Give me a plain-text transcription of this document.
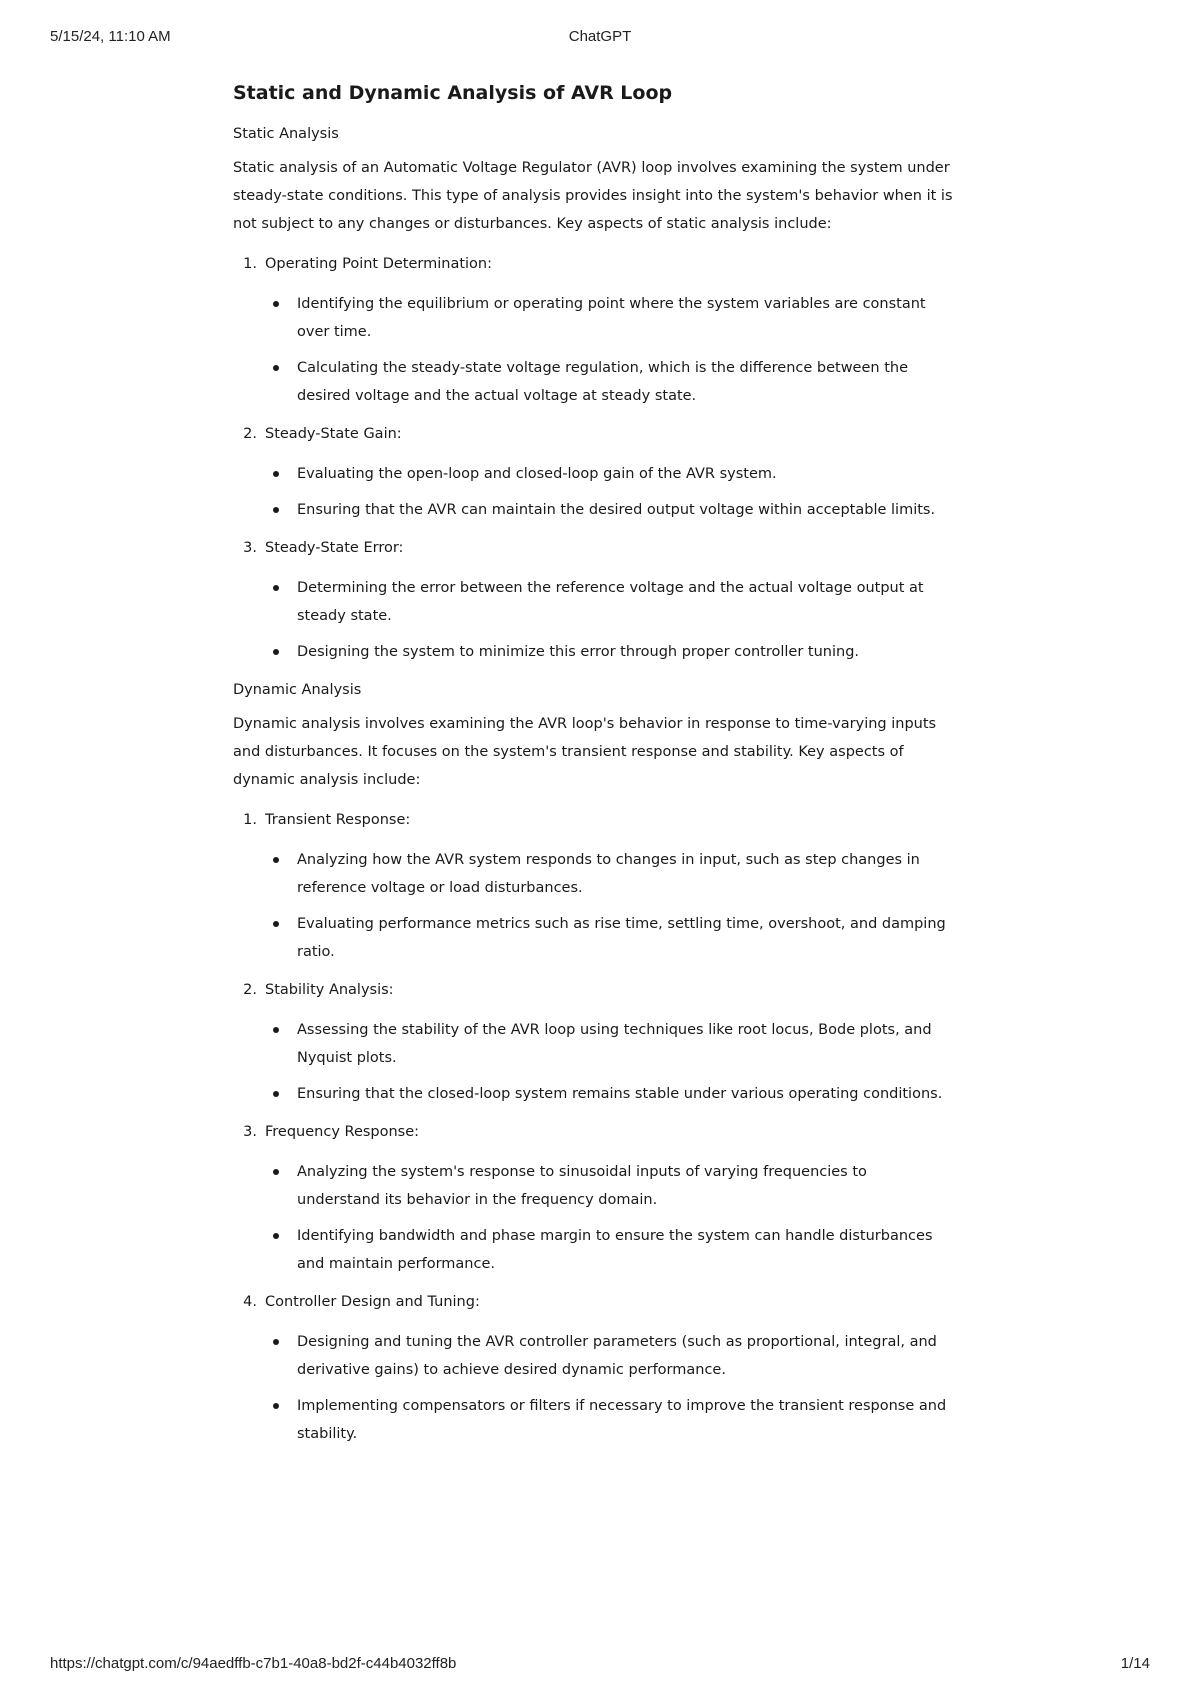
5/15/24, 11:10 AM	ChatGPT
Static and Dynamic Analysis of AVR Loop
Static Analysis

Static analysis of an Automatic Voltage Regulator (AVR) loop involves examining the system under steady-state conditions. This type of analysis provides insight into the system's behavior when it is not subject to any changes or disturbances. Key aspects of static analysis include:

1. Operating Point Determination:
Identifying the equilibrium or operating point where the system variables are constant over time.
Calculating the steady-state voltage regulation, which is the difference between the desired voltage and the actual voltage at steady state.
2. Steady-State Gain:
Evaluating the open-loop and closed-loop gain of the AVR system.
Ensuring that the AVR can maintain the desired output voltage within acceptable limits.
3. Steady-State Error:
Determining the error between the reference voltage and the actual voltage output at steady state.
Designing the system to minimize this error through proper controller tuning.
Dynamic Analysis

Dynamic analysis involves examining the AVR loop's behavior in response to time-varying inputs and disturbances. It focuses on the system's transient response and stability. Key aspects of dynamic analysis include:

1. Transient Response:
Analyzing how the AVR system responds to changes in input, such as step changes in reference voltage or load disturbances.
Evaluating performance metrics such as rise time, settling time, overshoot, and damping ratio.
2. Stability Analysis:
Assessing the stability of the AVR loop using techniques like root locus, Bode plots, and Nyquist plots.
Ensuring that the closed-loop system remains stable under various operating conditions.
3. Frequency Response:
Analyzing the system's response to sinusoidal inputs of varying frequencies to understand its behavior in the frequency domain.
Identifying bandwidth and phase margin to ensure the system can handle disturbances and maintain performance.
4. Controller Design and Tuning:
Designing and tuning the AVR controller parameters (such as proportional, integral, and derivative gains) to achieve desired dynamic performance.
Implementing compensators or filters if necessary to improve the transient response and stability.
https://chatgpt.com/c/94aedffb-c7b1-40a8-bd2f-c44b4032ff8b	1/14
